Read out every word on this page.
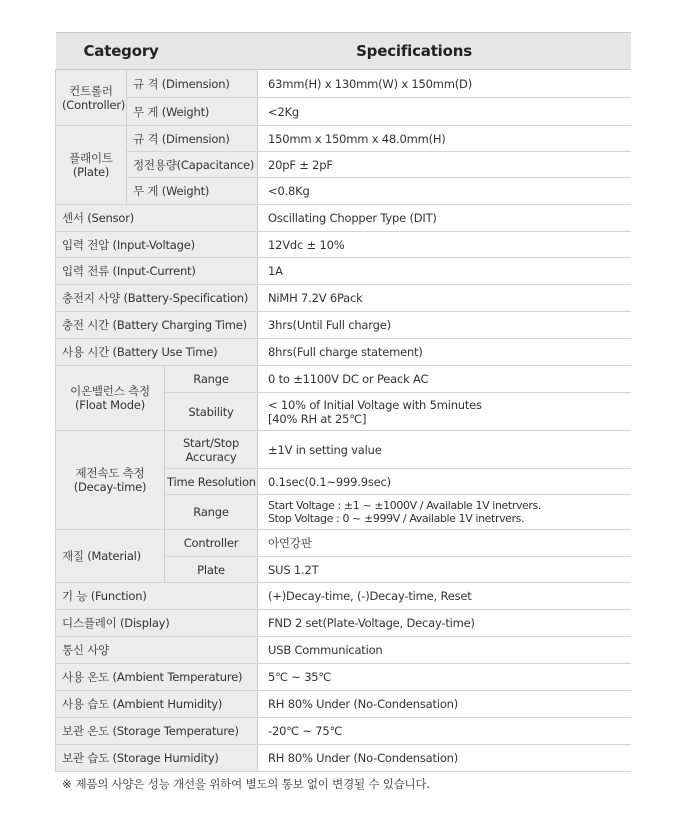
Category			Specifications
컨트롤러
(Controller)	규 격 (Dimension)		63mm(H) x 130mm(W) x 150mm(D)
	무 게 (Weight)		<2Kg
플래이트
(Plate)	규 격 (Dimension)		150mm x 150mm x 48.0mm(H)
	정전용량(Capacitance)		20pF ± 2pF
	무 게 (Weight)		<0.8Kg
센서 (Sensor)			Oscillating Chopper Type (DIT)
입력 전압 (Input-Voltage)			12Vdc ± 10%
입력 전류 (Input-Current)			1A
충전지 사양 (Battery-Specification)			NiMH 7.2V 6Pack
충전 시간 (Battery Charging Time)			3hrs(Until Full charge)
사용 시간 (Battery Use Time)			8hrs(Full charge statement)
이온밸런스 측정
(Float Mode)		Range	0 to ±1100V DC or Peack AC
		Stability	< 10% of Initial Voltage with 5minutes
[40% RH at 25℃]
제전속도 측정
(Decay-time)		Start/Stop
Accuracy	±1V in setting value
		Time Resolution	0.1sec(0.1~999.9sec)
		Range	Start Voltage : ±1 ~ ±1000V / Available 1V inetrvers.
Stop Voltage : 0 ~ ±999V / Available 1V inetrvers.
재질 (Material)		Controller	아연강판
		Plate	SUS 1.2T
기 능 (Function)			(+)Decay-time, (-)Decay-time, Reset
디스플레이 (Display)			FND 2 set(Plate-Voltage, Decay-time)
통신 사양			USB Communication
사용 온도 (Ambient Temperature)			5℃ ~ 35℃
사용 습도 (Ambient Humidity)			RH 80% Under (No-Condensation)
보관 온도 (Storage Temperature)			-20℃ ~ 75℃
보관 습도 (Storage Humidity)			RH 80% Under (No-Condensation)
※ 제품의 사양은 성능 개선을 위하여 별도의 통보 없이 변경될 수 있습니다.
